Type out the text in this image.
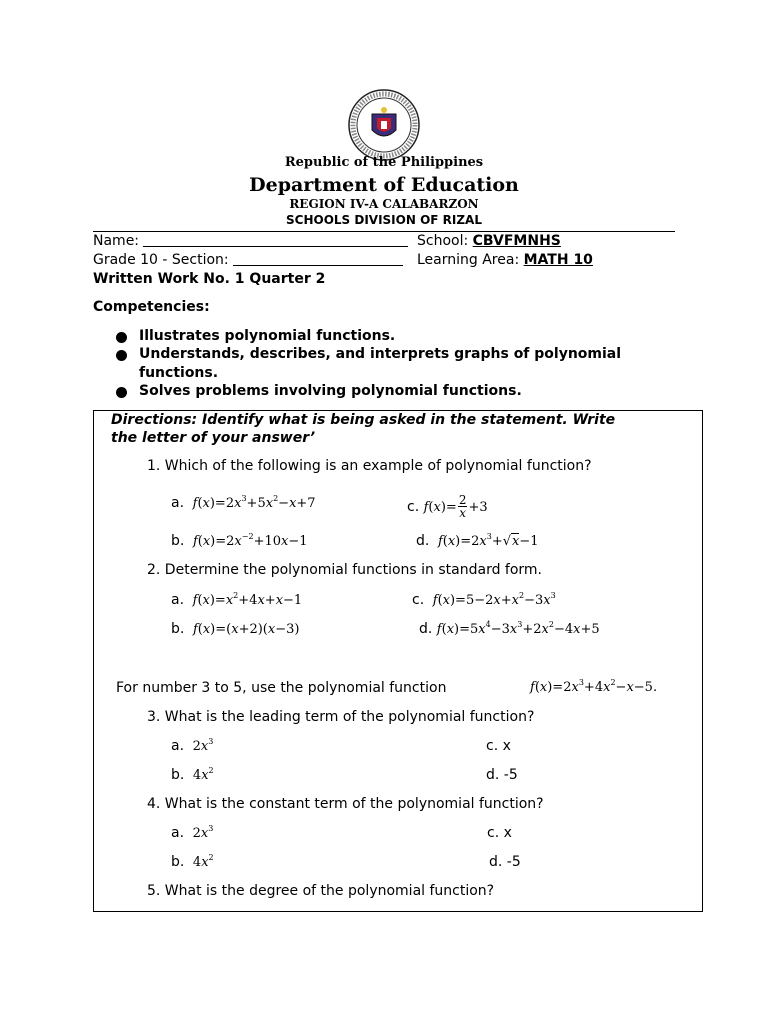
Republic of the Philippines
Department of Education
REGION IV-A CALABARZON
SCHOOLS DIVISION OF RIZAL
Name:	School: CBVFMNHS
Grade 10 - Section:	Learning Area: MATH 10
Written Work No. 1 Quarter 2
Competencies:
Illustrates polynomial functions.
Understands, describes, and interprets graphs of polynomial
functions.
Solves problems involving polynomial functions.
Directions: Identify what is being asked in the statement. Write
the letter of your answer’
1. Which of the following is an example of polynomial function?
a. $f(x)=2x^3+5x^2-x+7$	c. $f(x)= \frac{2}{x} +3$
b. $f(x)=2x^{-2}+10x-1$	d. $f(x)=2x^3+√x-1$
2. Determine the polynomial functions in standard form.
a. $f(x)=x^2+4x+x-1$	c. $f(x)=5-2x+x^2-3x^3$
b. f(x)=(x+2)(x−3)	d. $f(x)=5x^4-3x^3+2x^2-4x+5$
For number 3 to 5, use the polynomial function	$f(x)=2x^3+4x^2-x-5$.
3. What is the leading term of the polynomial function?
a.  $2x^3$	c. x
b.  $4x^2$	d. -5
4. What is the constant term of the polynomial function?
a.  $2x^3$	c. x
b.  $4x^2$	d. -5
5. What is the degree of the polynomial function?
